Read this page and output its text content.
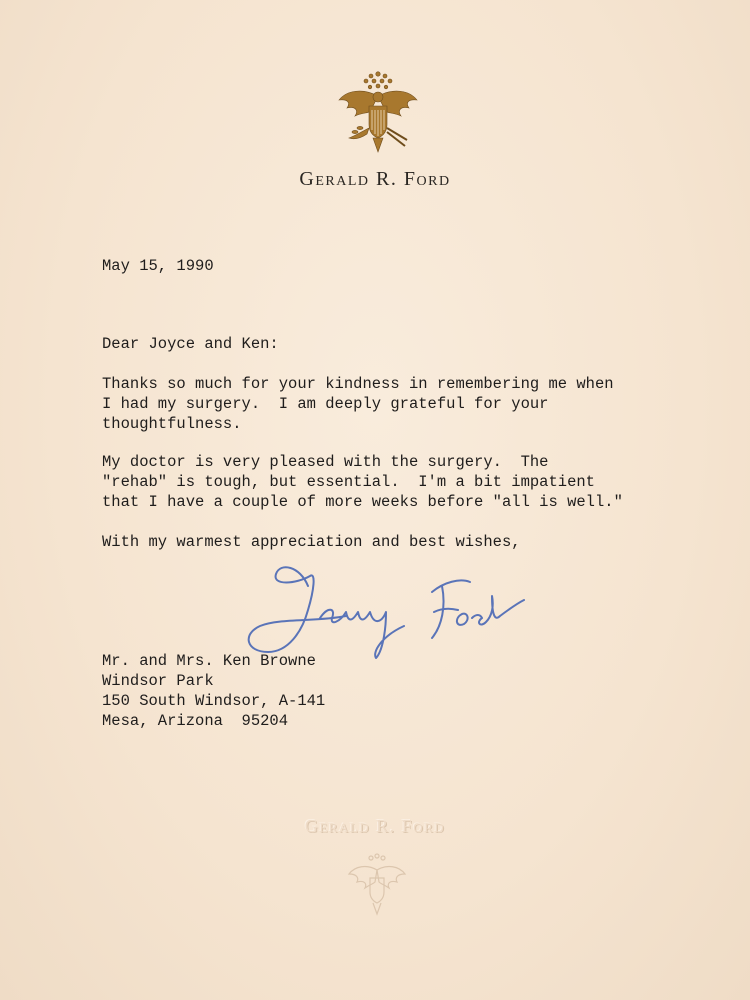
Gerald R. Ford
May 15, 1990
Dear Joyce and Ken:
Thanks so much for your kindness in remembering me when
I had my surgery.  I am deeply grateful for your
thoughtfulness.
My doctor is very pleased with the surgery.  The
"rehab" is tough, but essential.  I'm a bit impatient
that I have a couple of more weeks before "all is well."
With my warmest appreciation and best wishes,
Mr. and Mrs. Ken Browne
Windsor Park
150 South Windsor, A-141
Mesa, Arizona  95204
Gerald R. Ford
